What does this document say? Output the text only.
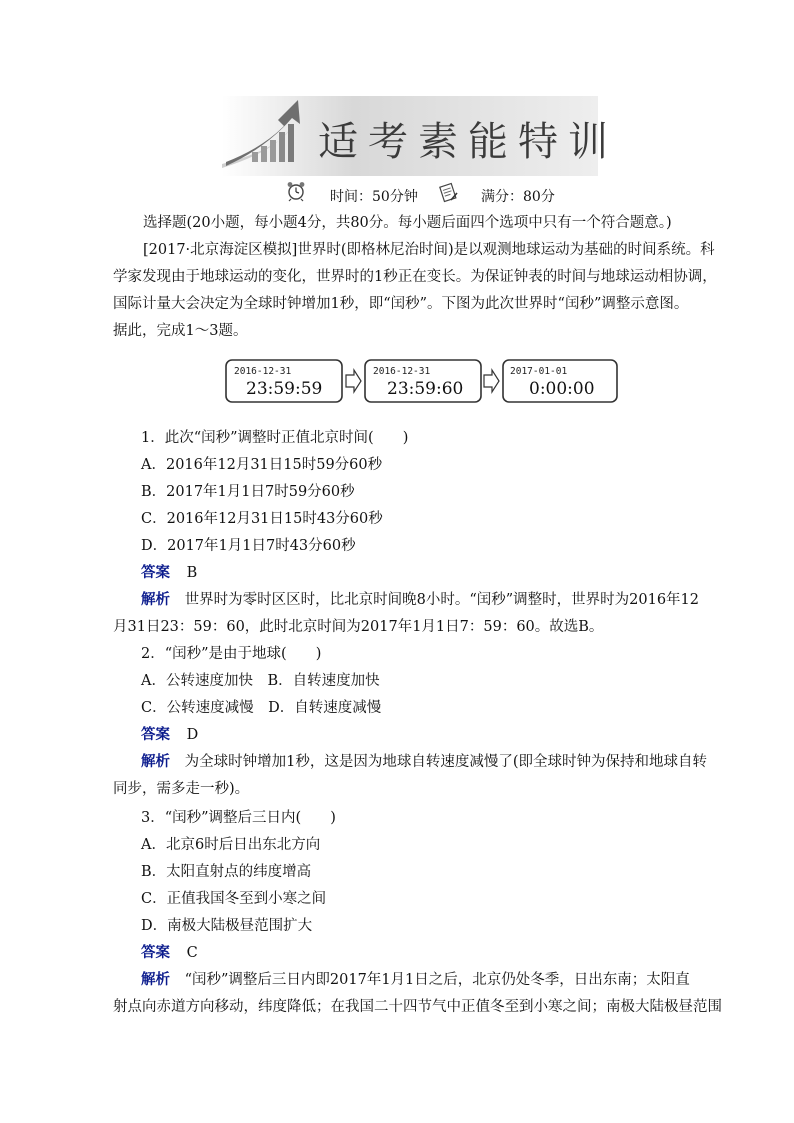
适考素能特训
时间：50分钟	满分：80分
选择题(20小题，每小题4分，共80分。每小题后面四个选项中只有一个符合题意。)
[2017·北京海淀区模拟]世界时(即格林尼治时间)是以观测地球运动为基础的时间系统。科
学家发现由于地球运动的变化，世界时的1秒正在变长。为保证钟表的时间与地球运动相协调，
国际计量大会决定为全球时钟增加1秒，即“闰秒”。下图为此次世界时“闰秒”调整示意图。
据此，完成1～3题。
2016-12-31
23:59:59
2016-12-31
23:59:60
2017-01-01
0:00:00
1．此次“闰秒”调整时正值北京时间(　　)
A．2016年12月31日15时59分60秒
B．2017年1月1日7时59分60秒
C．2016年12月31日15时43分60秒
D．2017年1月1日7时43分60秒
答案 B
解析 世界时为零时区区时，比北京时间晚8小时。“闰秒”调整时，世界时为2016年12
月31日23：59：60，此时北京时间为2017年1月1日7：59：60。故选B。
2．“闰秒”是由于地球(　　)
A．公转速度加快　B．自转速度加快
C．公转速度减慢　D．自转速度减慢
答案 D
解析 为全球时钟增加1秒，这是因为地球自转速度减慢了(即全球时钟为保持和地球自转
同步，需多走一秒)。
3．“闰秒”调整后三日内(　　)
A．北京6时后日出东北方向
B．太阳直射点的纬度增高
C．正值我国冬至到小寒之间
D．南极大陆极昼范围扩大
答案 C
解析 “闰秒”调整后三日内即2017年1月1日之后，北京仍处冬季，日出东南；太阳直
射点向赤道方向移动，纬度降低；在我国二十四节气中正值冬至到小寒之间；南极大陆极昼范围
